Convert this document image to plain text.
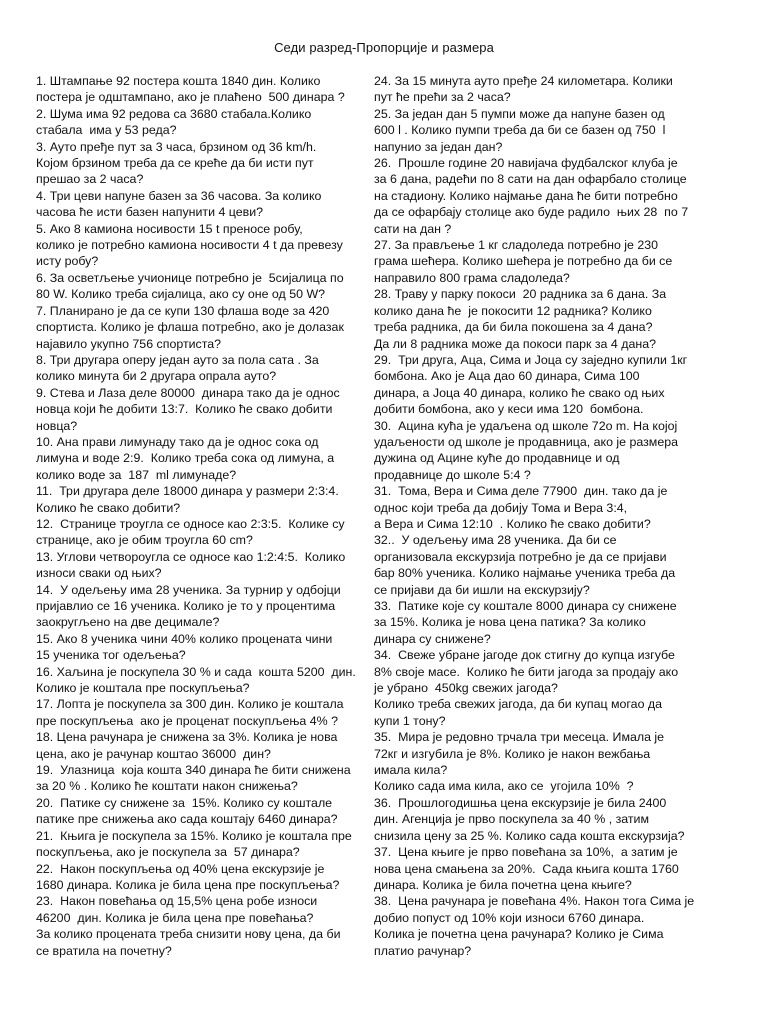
Седи разред-Пропорције и размера
1. Штампање 92 постера кошта 1840 дин. Колико
постера је одштампано, ако је плаћено  500 динара ?
2. Шума има 92 редова са 3680 стабала.Колико
стабала  има у 53 реда?
3. Ауто пређе пут за 3 часа, брзином од 36 km/h.
Којом брзином треба да се креће да би исти пут
прешао за 2 часа?
4. Три цеви напуне базен за 36 часова. За колико
часова ће исти базен напунити 4 цеви?
5. Ако 8 камиона носивости 15 t преносе робу,
колико је потребно камиона носивости 4 t да превезу
исту робу?
6. За осветљење учионице потребно је  5сијалица по
80 W. Колико треба сијалица, ако су оне од 50 W?
7. Планирано је да се купи 130 флаша воде за 420
спортиста. Колико је флаша потребно, ако је долазак
најавило укупно 756 спортиста?
8. Три другара оперу један ауто за пола сата . За
колико минута би 2 другара опрала ауто?
9. Стева и Лаза деле 80000  динара тако да је однос
новца који ће добити 13:7.  Колико ће свако добити
новца?
10. Ана прави лимунаду тако да је однос сока од
лимуна и воде 2:9.  Колико треба сока од лимуна, а
колико воде за  187  ml лимунаде?
11.  Три другара деле 18000 динара у размери 2:3:4.
Колико ће свако добити?
12.  Странице троугла се односе као 2:3:5.  Колике су
странице, ако је обим троугла 60 cm?
13. Углови четвороугла се односе као 1:2:4:5.  Колико
износи сваки од њих?
14.  У одељењу има 28 ученика. За турнир у одбојци
пријавлио се 16 ученика. Колико је то у процентима
заокругљено на две децимале?
15. Ако 8 ученика чини 40% колико процената чини
15 ученика тог одељења?
16. Хаљина је поскупела 30 % и сада  кошта 5200  дин.
Колико је коштала пре поскупљења?
17. Лопта је поскупела за 300 дин. Колико је коштала
пре поскупљења  ако је проценат поскупљења 4% ?
18. Цена рачунара је снижена за 3%. Колика је нова
цена, ако је рачунар коштао 36000  дин?
19.  Улазница  која кошта 340 динара ће бити снижена
за 20 % . Колико ће коштати након снижења?
20.  Патике су снижене за  15%. Колико су коштале
патике пре снижења ако сада коштају 6460 динара?
21.  Књига је поскупела за 15%. Колико је коштала пре
поскупљења, ако је поскупела за  57 динара?
22.  Након поскупљења од 40% цена екскурзије је
1680 динара. Колика је била цена пре поскупљења?
23.  Након повећања од 15,5% цена робе износи
46200  дин. Колика је била цена пре повећања?
За колико процената треба снизити нову цена, да би
се вратила на почетну?
24. За 15 минута ауто пређе 24 километара. Колики
пут ће прећи за 2 часа?
25. За један дан 5 пумпи може да напуне базен од
600 l . Колико пумпи треба да би се базен од 750  l
напунио за један дан?
26.  Прошле године 20 навијача фудбалског клуба је
за 6 дана, радећи по 8 сати на дан офарбало столице
на стадиону. Колико најмање дана ће бити потребно
да се офарбају столице ако буде радило  њих 28  по 7
сати на дан ?
27. За прављење 1 кг сладоледа потребно је 230
грама шећера. Колико шећера је потребно да би се
направило 800 грама сладоледа?
28. Траву у парку покоси  20 радника за 6 дана. За
колико дана ће  је покосити 12 радника? Колико
треба радника, да би била покошена за 4 дана?
Да ли 8 радника може да покоси парк за 4 дана?
29.  Три друга, Аца, Сима и Јоца су заједно купили 1кг
бомбона. Ако је Аца дао 60 динара, Сима 100
динара, а Јоца 40 динара, колико ће свако од њих
добити бомбона, ако у кеси има 120  бомбона.
30.  Ацина кућа је удаљена од школе 72о m. На којој
удаљености од школе је продавница, ако је размера
дужина од Ацине куће до продавнице и од
продавнице до школе 5:4 ?
31.  Тома, Вера и Сима деле 77900  дин. тако да је
однос који треба да добију Тома и Вера 3:4,
а Вера и Сима 12:10  . Колико ће свако добити?
32..  У одељењу има 28 ученика. Да би се
организовала екскурзија потребно је да се пријави
бар 80% ученика. Колико најмање ученика треба да
се пријави да би ишли на екскурзију?
33.  Патике које су коштале 8000 динара су снижене
за 15%. Колика је нова цена патика? За колико
динара су снижене?
34.  Свеже убране јагоде док стигну до купца изгубе
8% своје масе.  Колико ће бити јагода за продају ако
је убрано  450kg свежих јагода?
Колико треба свежих јагода, да би купац могао да
купи 1 тону?
35.  Мира је редовно трчала три месеца. Имала је
72кг и изгубила је 8%. Колико је након вежбања
имала кила?
Колико сада има кила, ако се  угојила 10%  ?
36.  Прошлогодишња цена екскурзије је била 2400
дин. Агенција је прво поскупела за 40 % , затим
снизила цену за 25 %. Колико сада кошта екскурзија?
37.  Цена књиге је прво повећана за 10%,  а затим је
нова цена смањена за 20%.  Сада књига кошта 1760
динара. Колика је била почетна цена књиге?
38.  Цена рачунара је повећана 4%. Након тога Сима је
добио попуст од 10% који износи 6760 динара.
Колика је почетна цена рачунара? Колико је Сима
платио рачунар?
